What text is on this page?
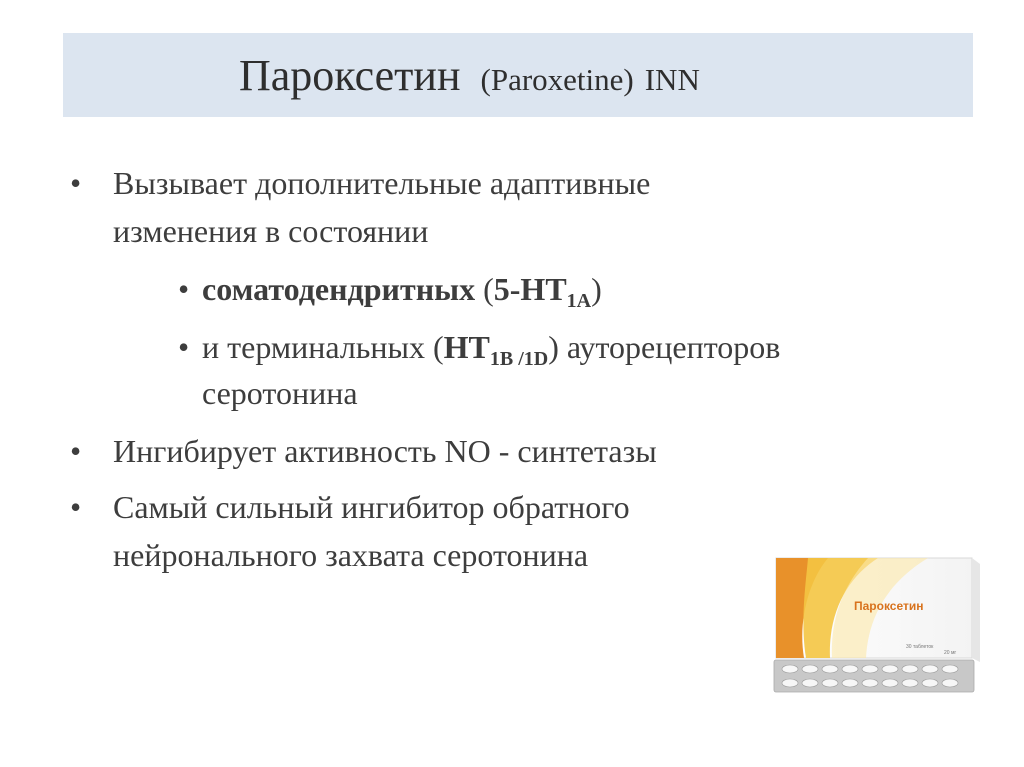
Пароксетин (Paroxetine) INN
• Вызывает дополнительные адаптивные
изменения в состоянии
• соматодендритных $(5-HT_{1A})$
• и терминальных $(HT_{1B /1D})$ ауторецепторов
серотонина
• Ингибирует активность NO - синтетазы
• Самый сильный ингибитор обратного
нейронального захвата серотонина
Пароксетин
30 таблеток
20 мг
